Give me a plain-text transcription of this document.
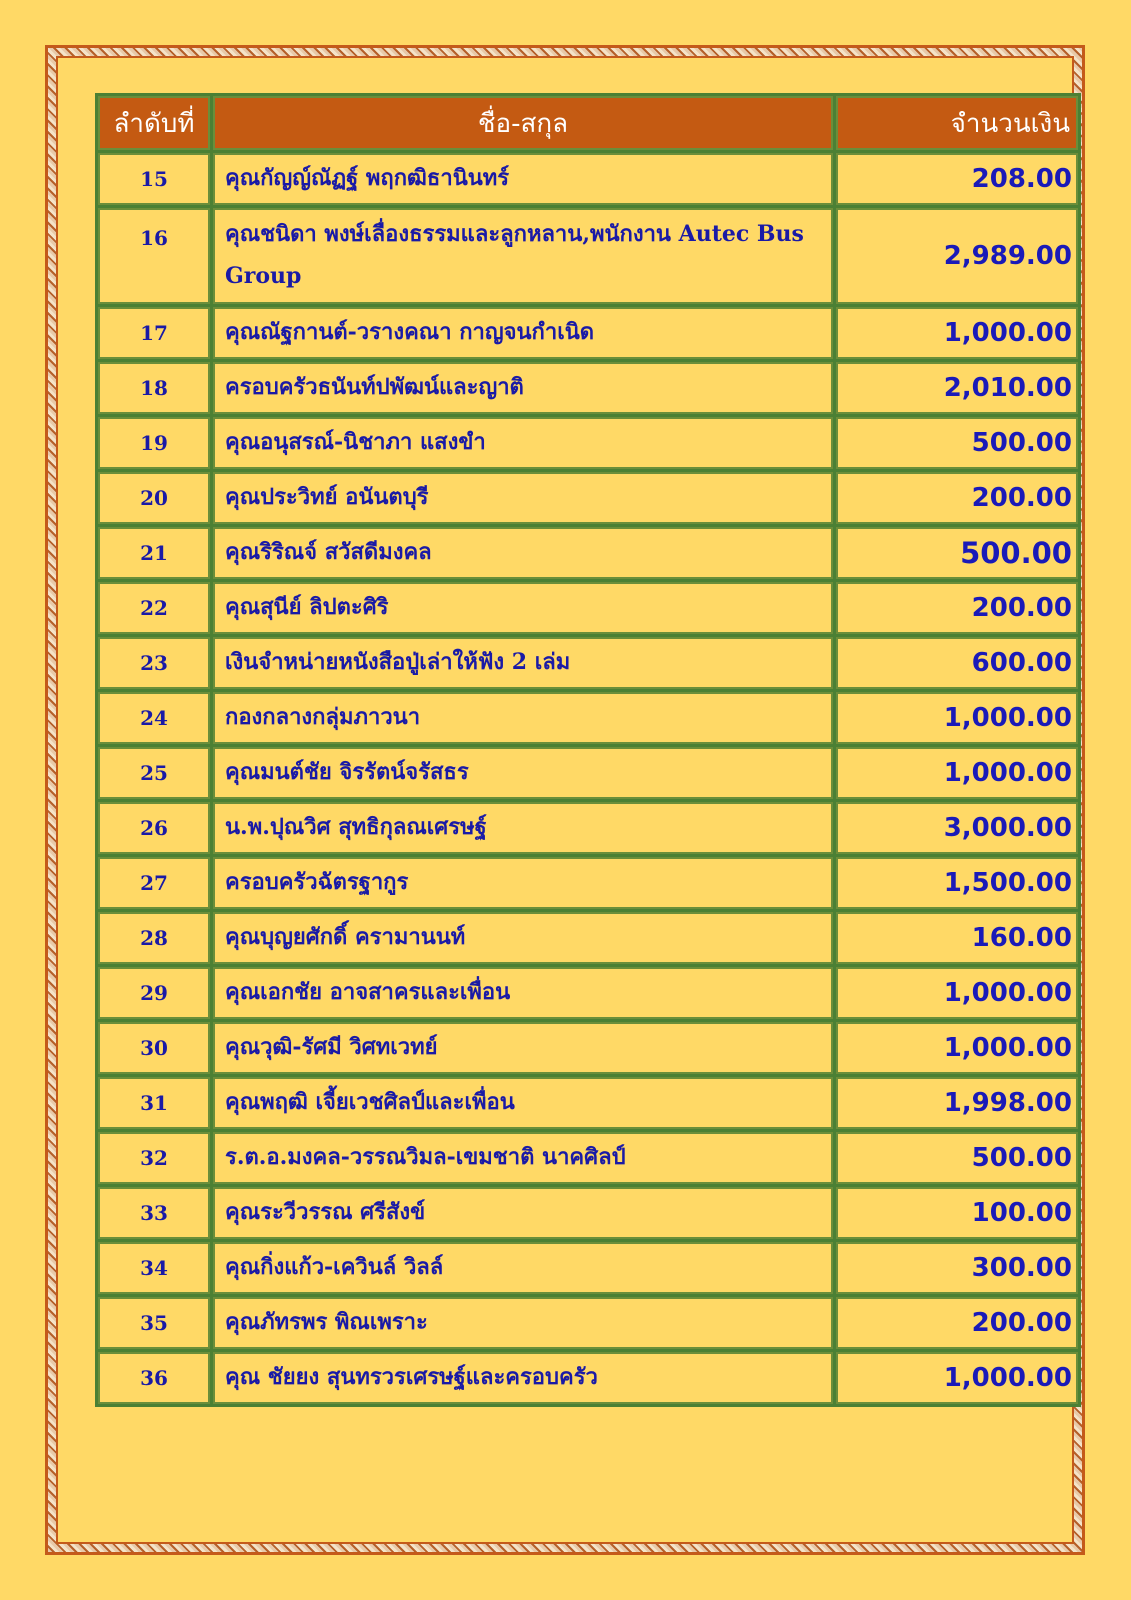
ลำดับที่	ชื่อ-สกุล	จำนวนเงิน
15	คุณกัญญ์ณัฏฐ์ พฤกฒิธานินทร์	208.00
16	คุณชนิดา พงษ์เลื่องธรรมและลูกหลาน,พนักงาน Autec Bus Group	2,989.00
17	คุณณัฐกานต์-วรางคณา กาญจนกำเนิด	1,000.00
18	ครอบครัวธนันท์ปพัฒน์และญาติ	2,010.00
19	คุณอนุสรณ์-นิชาภา แสงขำ	500.00
20	คุณประวิทย์ อนันตบุรี	200.00
21	คุณริริณจ์ สวัสดีมงคล	500.00
22	คุณสุนีย์ ลิปตะศิริ	200.00
23	เงินจำหน่ายหนังสือปู่เล่าให้ฟัง 2 เล่ม	600.00
24	กองกลางกลุ่มภาวนา	1,000.00
25	คุณมนต์ชัย จิรรัตน์จรัสธร	1,000.00
26	น.พ.ปุณวิศ สุทธิกุลณเศรษฐ์	3,000.00
27	ครอบครัวฉัตรฐากูร	1,500.00
28	คุณบุญยศักดิ์ ครามานนท์	160.00
29	คุณเอกชัย อาจสาครและเพื่อน	1,000.00
30	คุณวุฒิ-รัศมี วิศทเวทย์	1,000.00
31	คุณพฤฒิ เจี้ยเวชศิลป์และเพื่อน	1,998.00
32	ร.ต.อ.มงคล-วรรณวิมล-เขมชาติ นาคศิลป์	500.00
33	คุณระวีวรรณ ศรีสังข์	100.00
34	คุณกิ่งแก้ว-เควินล์ วิลล์	300.00
35	คุณภัทรพร พิณเพราะ	200.00
36	คุณ ชัยยง สุนทรวรเศรษฐ์และครอบครัว	1,000.00
